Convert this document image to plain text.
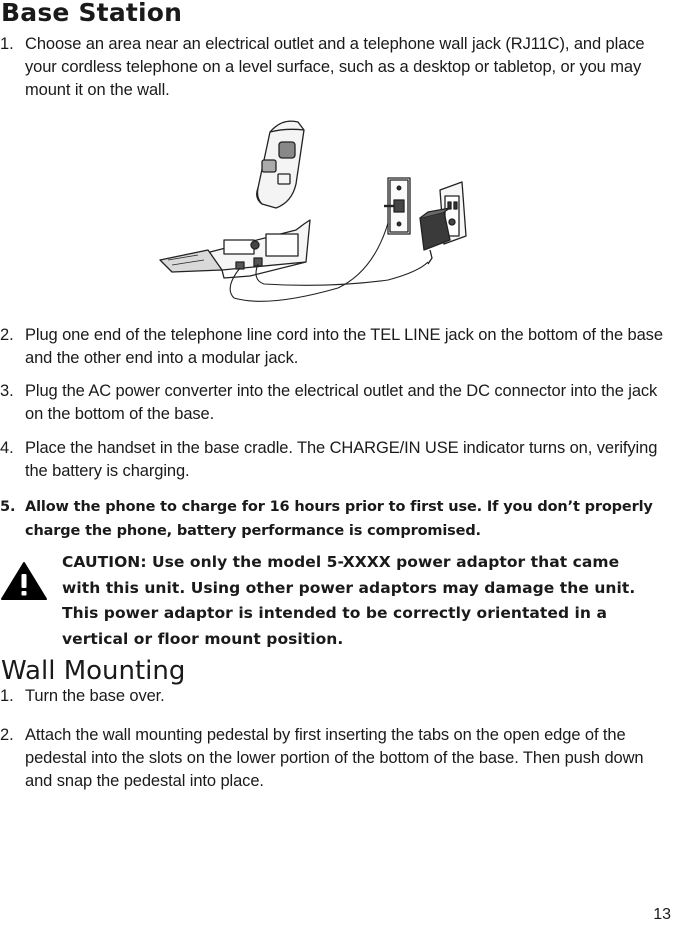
Base Station
1. Choose an area near an electrical outlet and a telephone wall jack (RJ11C), and place your cordless telephone on a level surface, such as a desktop or tabletop, or you may mount it on the wall.
2. Plug one end of the telephone line cord into the TEL LINE jack on the bottom of the base and the other end into a modular jack.
3. Plug the AC power converter into the electrical outlet and the DC connector into the jack on the bottom of the base.
4. Place the handset in the base cradle. The CHARGE/IN USE indicator turns on, verifying the battery is charging.
5. Allow the phone to charge for 16 hours prior to first use. If you don’t properly charge the phone, battery performance is compromised.
CAUTION: Use only the model 5-XXXX power adaptor that came with this unit. Using other power adaptors may damage the unit. This power adaptor is intended to be correctly orientated in a vertical or floor mount position.
Wall Mounting
1. Turn the base over.
2. Attach the wall mounting pedestal by first inserting the tabs on the open edge of the pedestal into the slots on the lower portion of the bottom of the base. Then push down and snap the pedestal into place.
13
